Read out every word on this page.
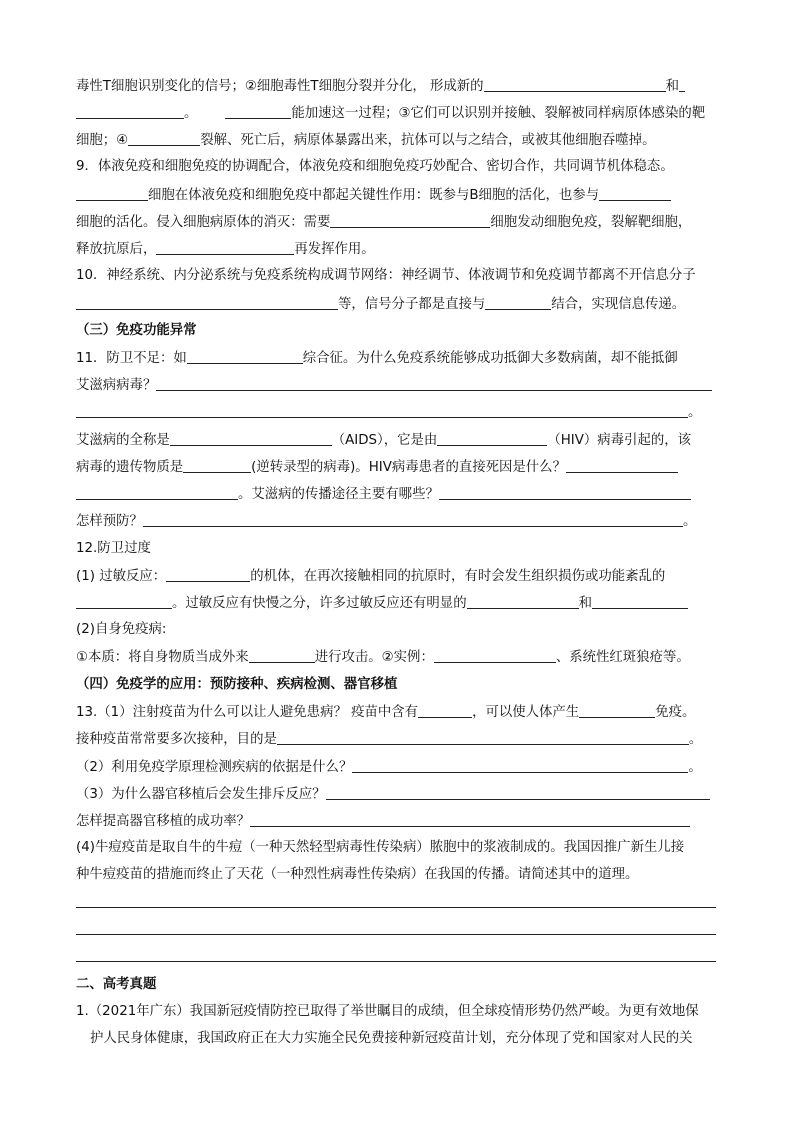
毒性T细胞识别变化的信号；②细胞毒性T细胞分裂并分化， 形成新的	和
。	能加速这一过程；③它们可以识别并接触、裂解被同样病原体感染的靶
细胞；④	裂解、死亡后，病原体暴露出来，抗体可以与之结合，或被其他细胞吞噬掉。
9．体液免疫和细胞免疫的协调配合，体液免疫和细胞免疫巧妙配合、密切合作，共同调节机体稳态。
细胞在体液免疫和细胞免疫中都起关键性作用：既参与B细胞的活化，也参与
细胞的活化。侵入细胞病原体的消灭：需要	细胞发动细胞免疫，裂解靶细胞，
释放抗原后，	再发挥作用。
10．神经系统、内分泌系统与免疫系统构成调节网络：神经调节、体液调节和免疫调节都离不开信息分子
等，信号分子都是直接与	结合，实现信息传递。
（三）免疫功能异常
11．防卫不足：如	综合征。为什么免疫系统能够成功抵御大多数病菌，却不能抵御
艾滋病病毒？
。
艾滋病的全称是	（AIDS），它是由	（HIV）病毒引起的，该
病毒的遗传物质是	(逆转录型的病毒)。HIV病毒患者的直接死因是什么？
。艾滋病的传播途径主要有哪些？
怎样预防？	。
12.防卫过度
(1) 过敏反应：	的机体，在再次接触相同的抗原时，有时会发生组织损伤或功能紊乱的
。过敏反应有快慢之分，许多过敏反应还有明显的	和
(2)自身免疫病:
①本质：将自身物质当成外来	进行攻击。②实例：	、系统性红斑狼疮等。
（四）免疫学的应用：预防接种、疾病检测、器官移植
13.（1）注射疫苗为什么可以让人避免患病？ 疫苗中含有	，可以使人体产生	免疫。
接种疫苗常常要多次接种，目的是	。
（2）利用免疫学原理检测疾病的依据是什么？	。
（3）为什么器官移植后会发生排斥反应？
怎样提高器官移植的成功率？
(4)牛痘疫苗是取自牛的牛痘（一种天然轻型病毒性传染病）脓胞中的浆液制成的。我国因推广新生儿接
种牛痘疫苗的措施而终止了天花（一种烈性病毒性传染病）在我国的传播。请简述其中的道理。
二、高考真题
1.（2021年广东）我国新冠疫情防控已取得了举世瞩目的成绩，但全球疫情形势仍然严峻。为更有效地保
护人民身体健康，我国政府正在大力实施全民免费接种新冠疫苗计划，充分体现了党和国家对人民的关
